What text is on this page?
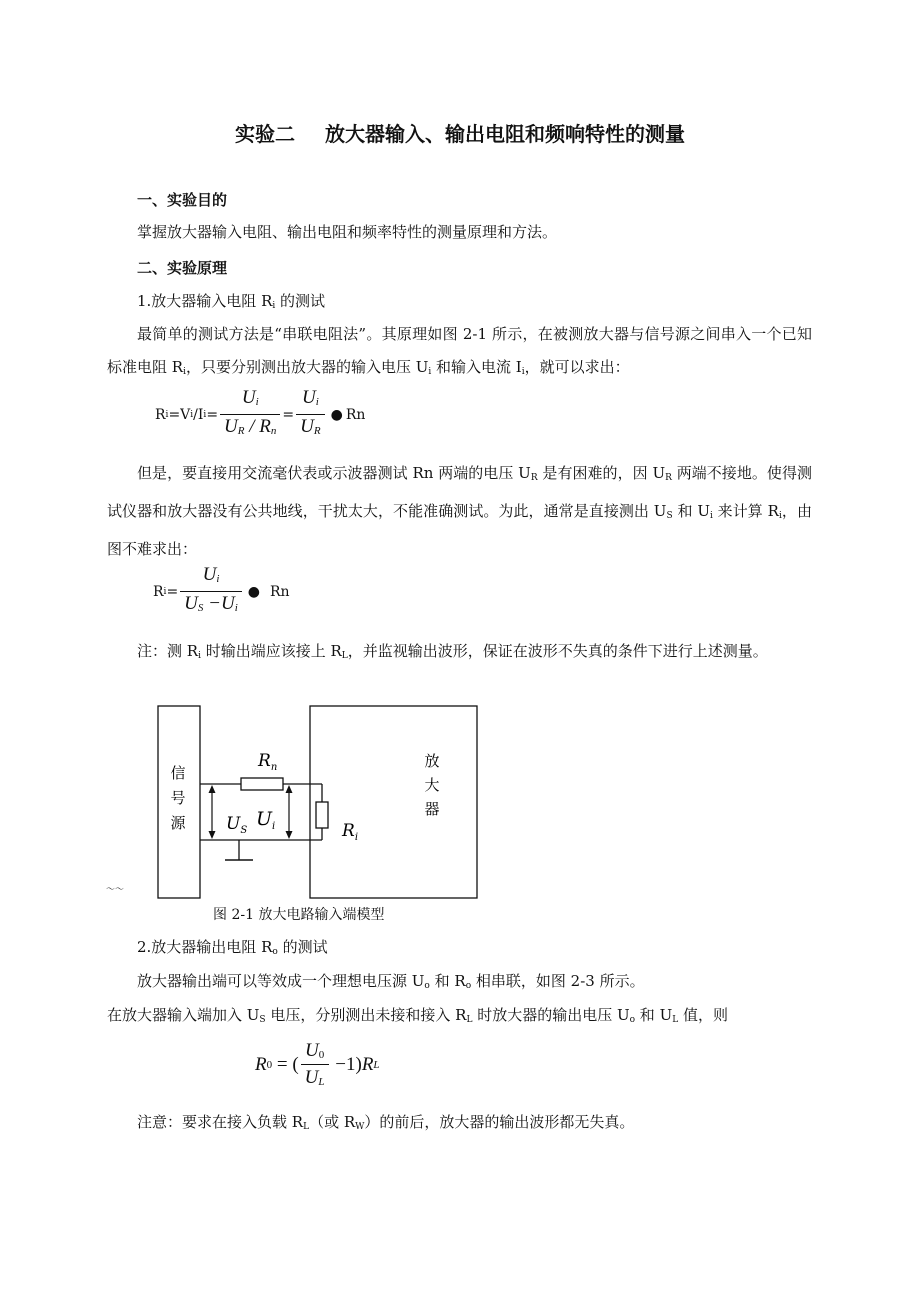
实验二 放大器输入、输出电阻和频响特性的测量
一、实验目的
掌握放大器输入电阻、输出电阻和频率特性的测量原理和方法。
二、实验原理
1.放大器输入电阻 $R_i$ 的测试
最简单的测试方法是“串联电阻法”。其原理如图 2-1 所示，在被测放大器与信号源之间串入一个已知标准电阻 $R_i$，只要分别测出放大器的输入电压 $U_i$ 和输入电流 $I_i$，就可以求出：
R i =V i /I $i = \frac{U_i}{U_R / R_n} = \frac{U_i}{U_R}$ ● Rn
但是，要直接用交流毫伏表或示波器测试 Rn 两端的电压 $U_R$ 是有困难的，因 $U_R$ 两端不接地。使得测试仪器和放大器没有公共地线，干扰太大，不能准确测试。为此，通常是直接测出 $U_S$ 和 $U_i$ 来计算 $R_i$，由图不难求出：
R $i = \frac{U_i}{U_S -U_i}$ ● Rn
注：测 $R_i$ 时输出端应该接上 $R_L$，并监视输出波形，保证在波形不失真的条件下进行上述测量。
信
号
源
放
大
器
$R_n$
$U_S$
$U_i$	$R_i$
〜〜
图 2-1 放大电路输入端模型
2.放大器输出电阻 $R_o$ 的测试
放大器输出端可以等效成一个理想电压源 $U_o$ 和 $R_o$ 相串联，如图 2-3 所示。
在放大器输入端加入 $U_S$ 电压，分别测出未接和接入 $R_L$ 时放大器的输出电压 $U_o$ 和 $U_L$ 值，则
R 0 = ( $\frac{U_0}{U_L} -1$) R L
注意：要求在接入负载 $R_L$（或 $R_W$）的前后，放大器的输出波形都无失真。
